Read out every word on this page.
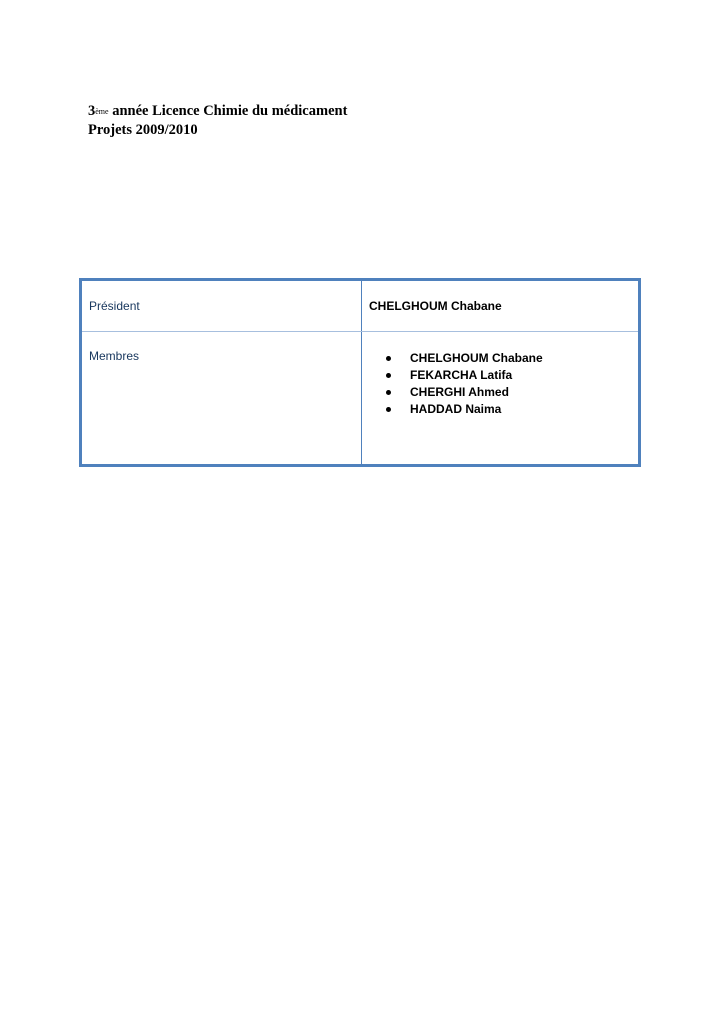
3ème année Licence Chimie du médicament
Projets 2009/2010
Président	CHELGHOUM Chabane
Membres	CHELGHOUM Chabane
FEKARCHA Latifa
CHERGHI Ahmed
HADDAD Naima
